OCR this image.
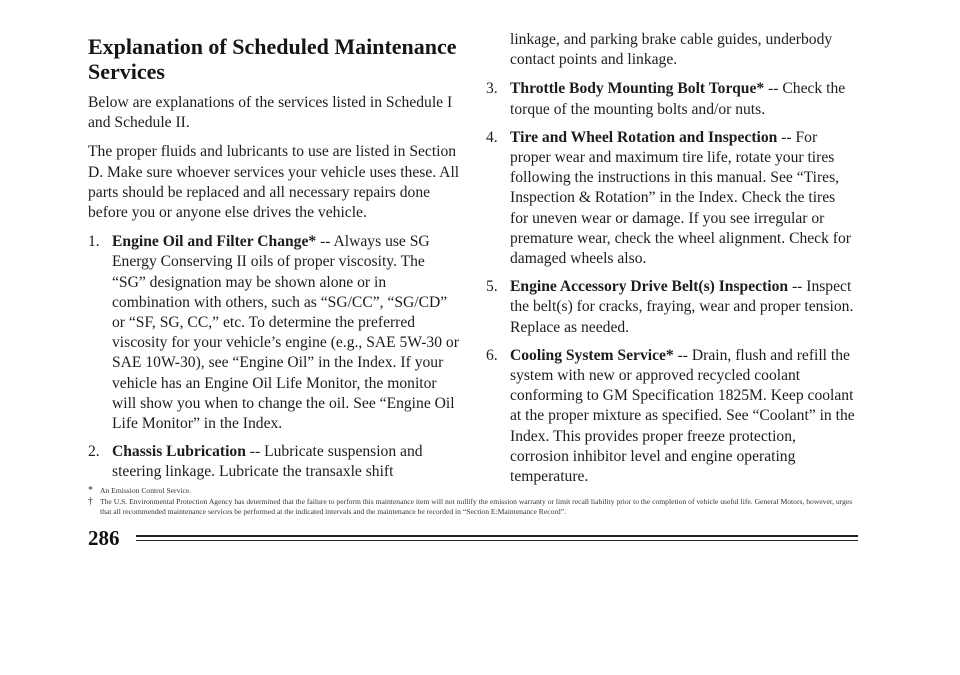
Explanation of Scheduled Maintenance Services

Below are explanations of the services listed in Schedule I and Schedule II.

The proper fluids and lubricants to use are listed in Section D. Make sure whoever services your vehicle uses these. All parts should be replaced and all necessary repairs done before you or anyone else drives the vehicle.

1. Engine Oil and Filter Change* -- Always use SG Energy Conserving II oils of proper viscosity. The “SG” designation may be shown alone or in combination with others, such as “SG/CC”, “SG/CD” or “SF, SG, CC,” etc. To determine the preferred viscosity for your vehicle’s engine (e.g., SAE 5W-30 or SAE 10W-30), see “Engine Oil” in the Index. If your vehicle has an Engine Oil Life Monitor, the monitor will show you when to change the oil. See “Engine Oil Life Monitor” in the Index.
2. Chassis Lubrication -- Lubricate suspension and steering linkage. Lubricate the transaxle shift

linkage, and parking brake cable guides, underbody contact points and linkage.

3. Throttle Body Mounting Bolt Torque* -- Check the torque of the mounting bolts and/or nuts.
4. Tire and Wheel Rotation and Inspection -- For proper wear and maximum tire life, rotate your tires following the instructions in this manual. See “Tires, Inspection & Rotation” in the Index. Check the tires for uneven wear or damage. If you see irregular or premature wear, check the wheel alignment. Check for damaged wheels also.
5. Engine Accessory Drive Belt(s) Inspection -- Inspect the belt(s) for cracks, fraying, wear and proper tension. Replace as needed.
6. Cooling System Service* -- Drain, flush and refill the system with new or approved recycled coolant conforming to GM Specification 1825M. Keep coolant at the proper mixture as specified. See “Coolant” in the Index. This provides proper freeze protection, corrosion inhibitor level and engine operating temperature.
* An Emission Control Service.
† The U.S. Environmental Protection Agency has determined that the failure to perform this maintenance item will not nullify the emission warranty or limit recall liability prior to the completion of vehicle useful life. General Motors, however, urges that all recommended maintenance services be performed at the indicated intervals and the maintenance be recorded in “Section E:Maintenance Record”.
286
